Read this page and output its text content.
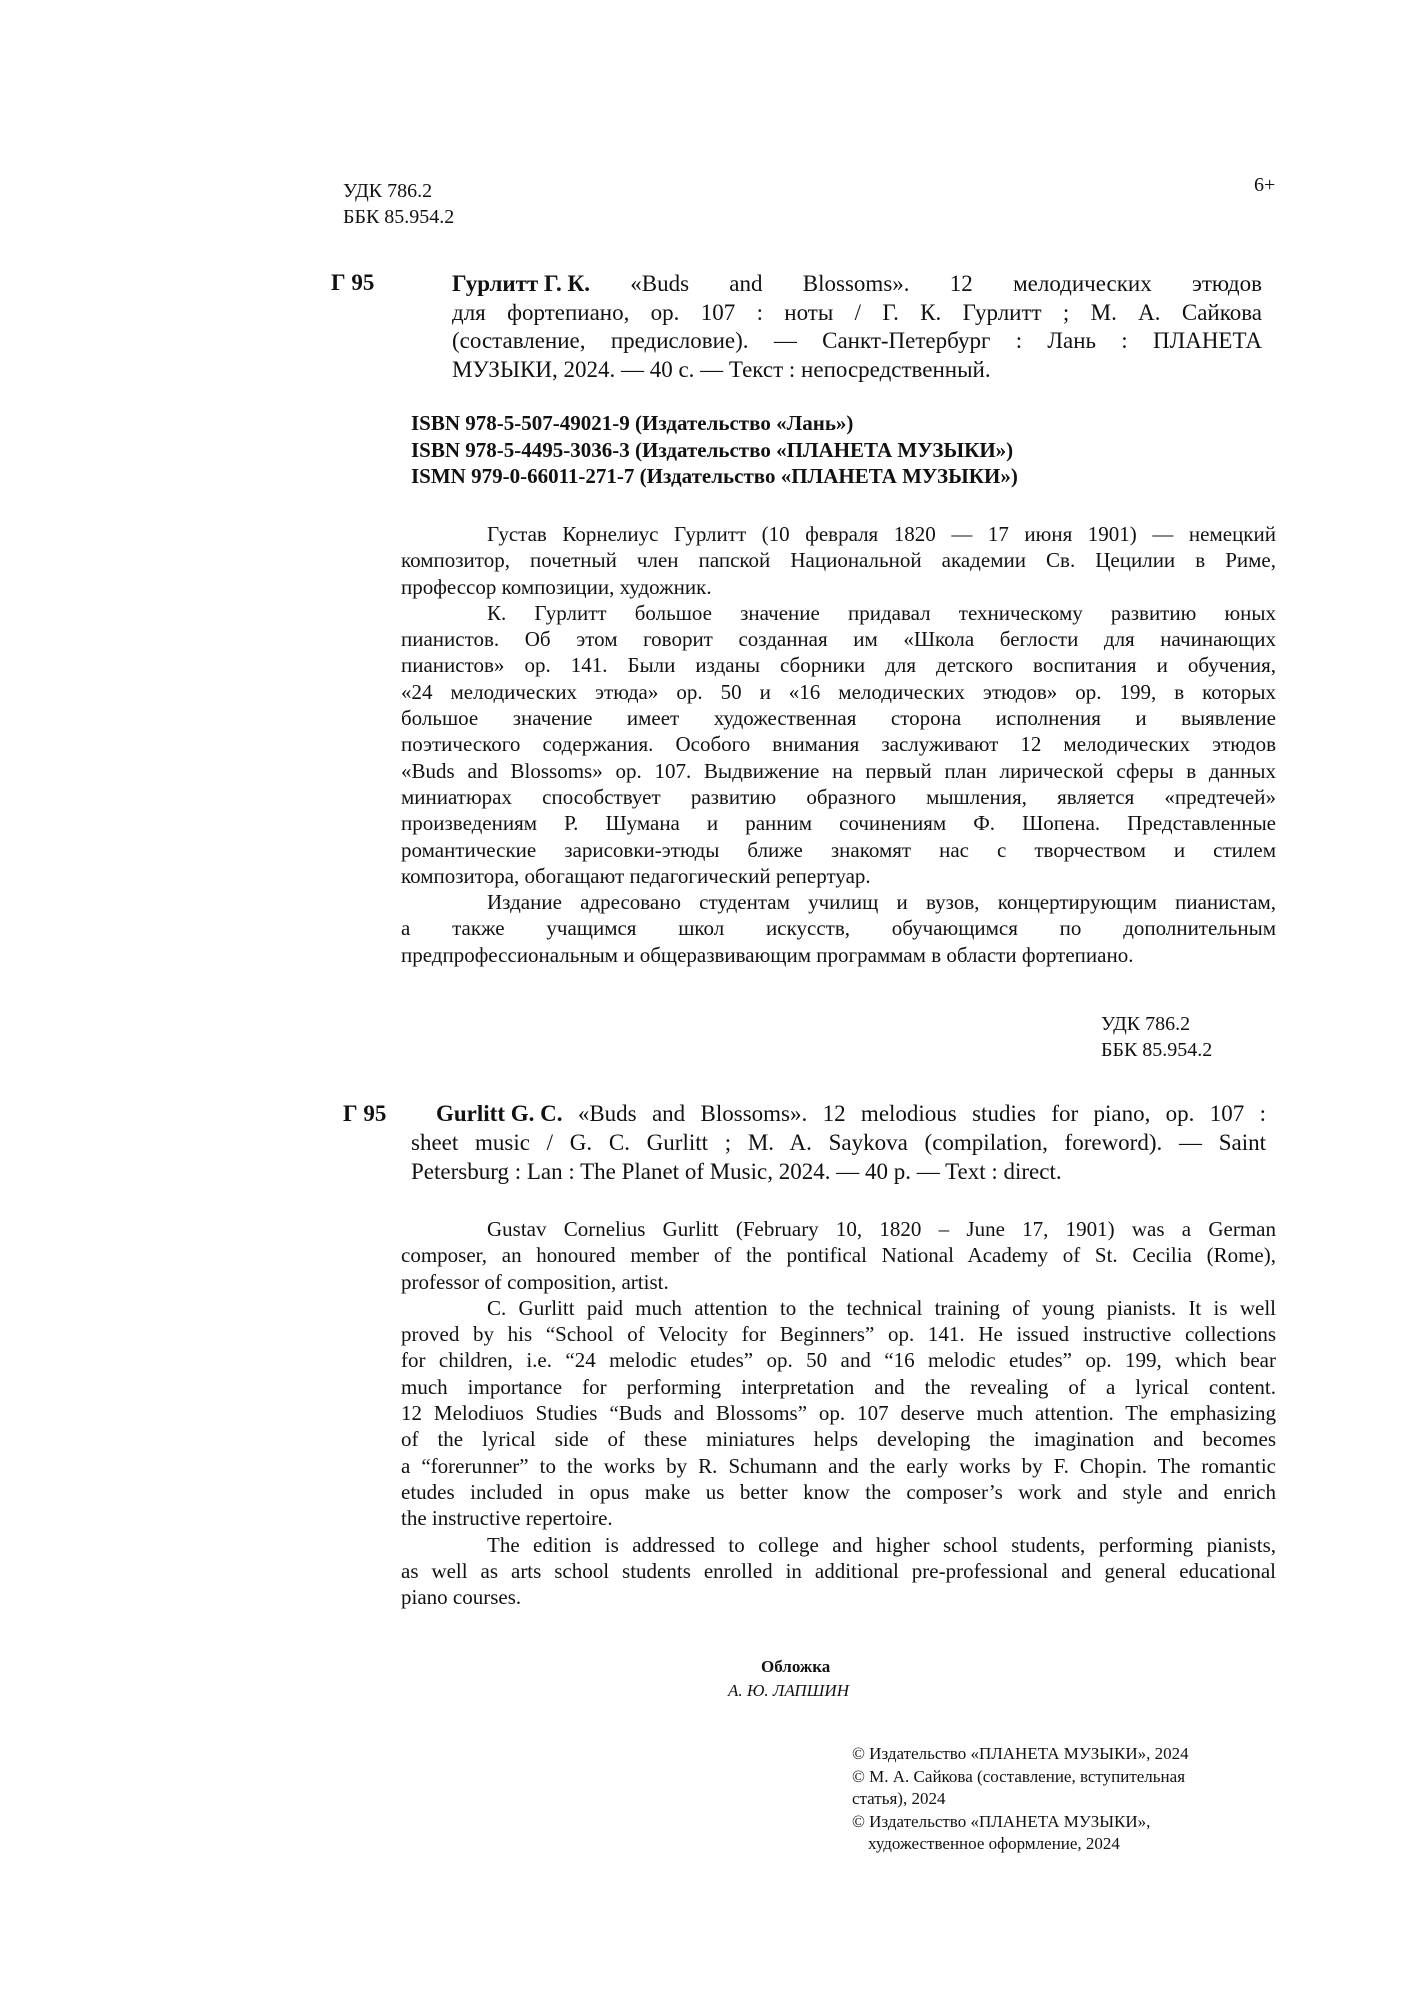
УДК 786.2
ББК 85.954.2
6+
Г 95	Гурлитт Г. К. «Buds and Blossoms». 12 мелодических этюдов
для фортепиано, ор. 107 : ноты / Г. К. Гурлитт ; М. А. Сайкова
(составление, предисловие). — Санкт-Петербург : Лань : ПЛАНЕТА
МУЗЫКИ, 2024. — 40 с. — Текст : непосредственный.
ISBN 978-5-507-49021-9 (Издательство «Лань»)
ISBN 978-5-4495-3036-3 (Издательство «ПЛАНЕТА МУЗЫКИ»)
ISMN 979-0-66011-271-7 (Издательство «ПЛАНЕТА МУЗЫКИ»)
Густав Корнелиус Гурлитт (10 февраля 1820 — 17 июня 1901) — немецкий
композитор, почетный член папской Национальной академии Св. Цецилии в Риме,
профессор композиции, художник.
К. Гурлитт большое значение придавал техническому развитию юных
пианистов. Об этом говорит созданная им «Школа беглости для начинающих
пианистов» ор. 141. Были изданы сборники для детского воспитания и обучения,
«24 мелодических этюда» ор. 50 и «16 мелодических этюдов» ор. 199, в которых
большое значение имеет художественная сторона исполнения и выявление
поэтического содержания. Особого внимания заслуживают 12 мелодических этюдов
«Buds and Blossoms» ор. 107. Выдвижение на первый план лирической сферы в данных
миниатюрах способствует развитию образного мышления, является «предтечей»
произведениям Р. Шумана и ранним сочинениям Ф. Шопена. Представленные
романтические зарисовки-этюды ближе знакомят нас с творчеством и стилем
композитора, обогащают педагогический репертуар.
Издание адресовано студентам училищ и вузов, концертирующим пианистам,
а также учащимся школ искусств, обучающимся по дополнительным
предпрофессиональным и общеразвивающим программам в области фортепиано.
УДК 786.2
ББК 85.954.2
Г 95 Gurlitt G. C. «Buds and Blossoms». 12 melodious studies for piano, op. 107 :
sheet music / G. C. Gurlitt ; M. A. Saykova (compilation, foreword). — Saint
Petersburg : Lan : The Planet of Music, 2024. — 40 p. — Text : direct.
Gustav Cornelius Gurlitt (February 10, 1820 – June 17, 1901) was a German
composer, an honoured member of the pontifical National Academy of St. Cecilia (Rome),
professor of composition, artist.
C. Gurlitt paid much attention to the technical training of young pianists. It is well
proved by his “School of Velocity for Beginners” op. 141. He issued instructive collections
for children, i.e. “24 melodic etudes” op. 50 and “16 melodic etudes” op. 199, which bear
much importance for performing interpretation and the revealing of a lyrical content.
12 Melodiuos Studies “Buds and Blossoms” op. 107 deserve much attention. The emphasizing
of the lyrical side of these miniatures helps developing the imagination and becomes
a “forerunner” to the works by R. Schumann and the early works by F. Chopin. The romantic
etudes included in opus make us better know the composer’s work and style and enrich
the instructive repertoire.
The edition is addressed to college and higher school students, performing pianists,
as well as arts school students enrolled in additional pre-professional and general educational
piano courses.
Обложка
А. Ю. ЛАПШИН
© Издательство «ПЛАНЕТА МУЗЫКИ», 2024
© М. А. Сайкова (составление, вступительная
статья), 2024
© Издательство «ПЛАНЕТА МУЗЫКИ»,
художественное оформление, 2024
